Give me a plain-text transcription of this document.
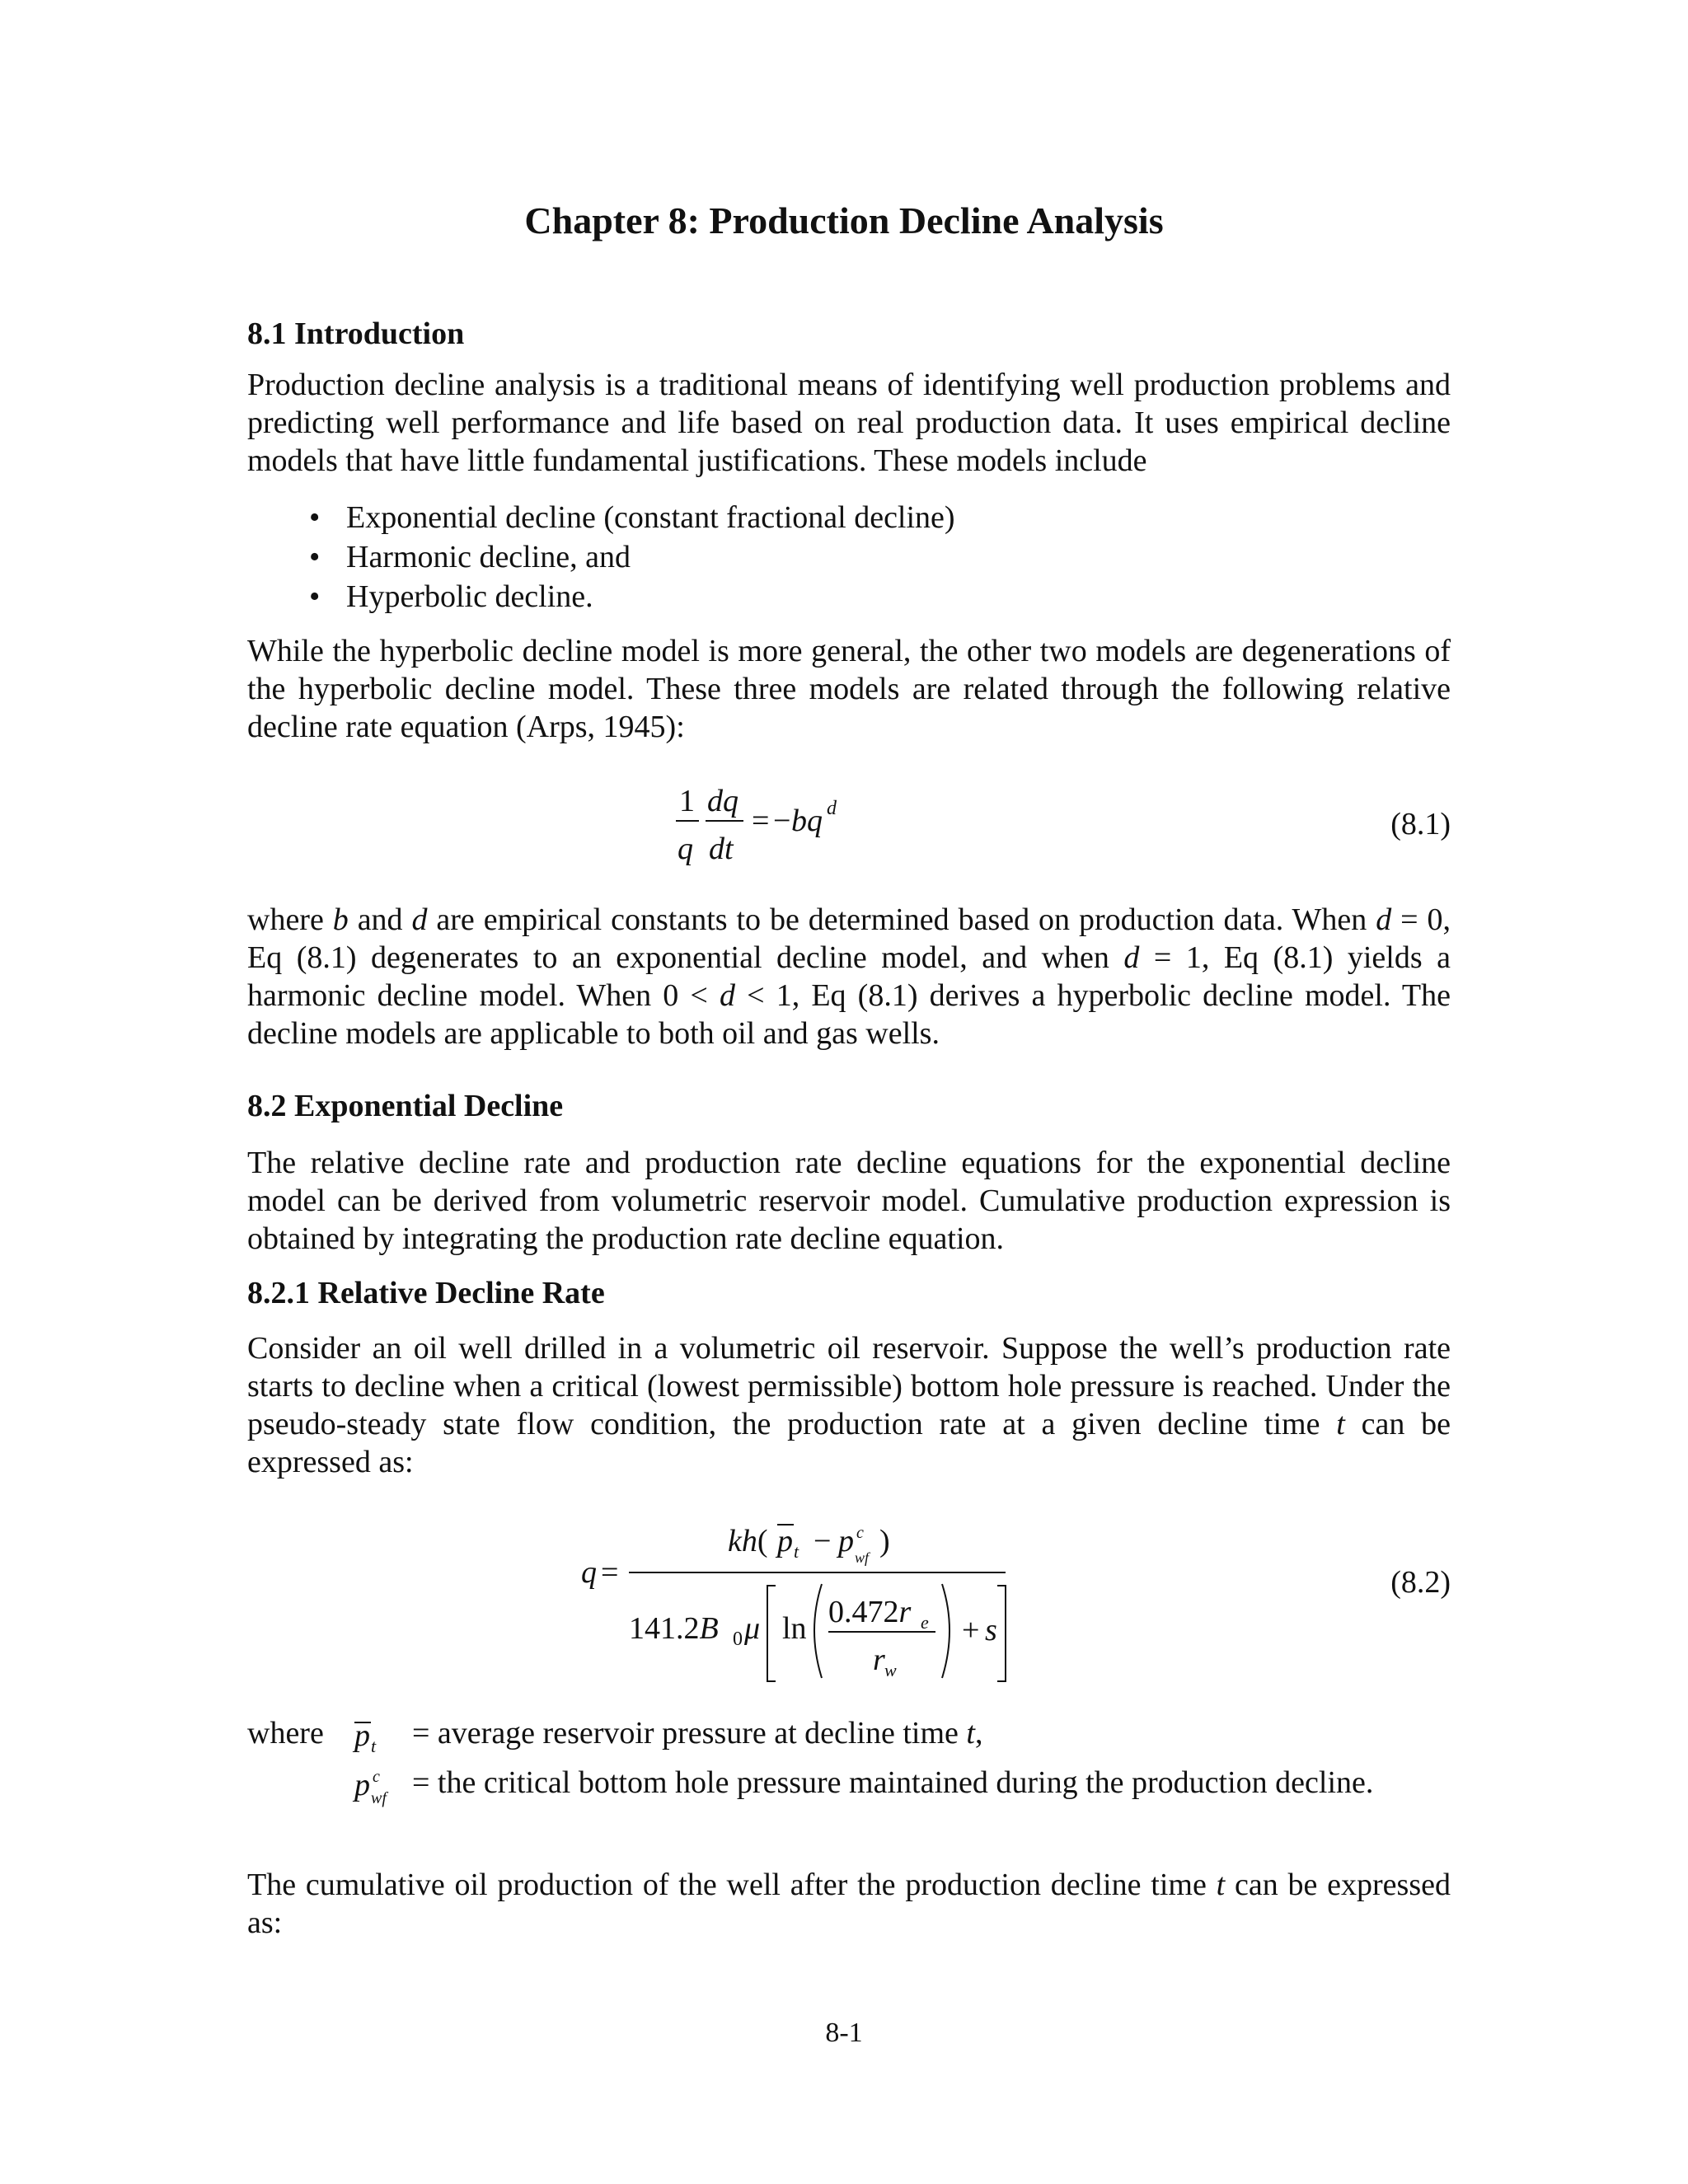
Chapter 8: Production Decline Analysis
8.1 Introduction
Production decline analysis is a traditional means of identifying well production problems and predicting well performance and life based on real production data. It uses empirical decline models that have little fundamental justifications. These models include
• Exponential decline (constant fractional decline)
• Harmonic decline, and
• Hyperbolic decline.
While the hyperbolic decline model is more general, the other two models are degenerations of the hyperbolic decline model. These three models are related through the following relative decline rate equation (Arps, 1945):
1
q
dq
dt
= − bq d	(8.1)
where b and d are empirical constants to be determined based on production data. When d = 0, Eq (8.1) degenerates to an exponential decline model, and when d = 1, Eq (8.1) yields a harmonic decline model. When 0 < d < 1, Eq (8.1) derives a hyperbolic decline model. The decline models are applicable to both oil and gas wells.
8.2 Exponential Decline
The relative decline rate and production rate decline equations for the exponential decline model can be derived from volumetric reservoir model. Cumulative production expression is obtained by integrating the production rate decline equation.
8.2.1 Relative Decline Rate
Consider an oil well drilled in a volumetric oil reservoir. Suppose the well’s production rate starts to decline when a critical (lowest permissible) bottom hole pressure is reached. Under the pseudo-steady state flow condition, the production rate at a given decline time t can be expressed as:
q =
kh( p t − p c
wf )
141.2B 0 μ ln 0.472r e
r w
+ s
(8.2)
where p t = average reservoir pressure at decline time t,
p c
wf = the critical bottom hole pressure maintained during the production decline.
The cumulative oil production of the well after the production decline time t can be expressed as:
8-1
